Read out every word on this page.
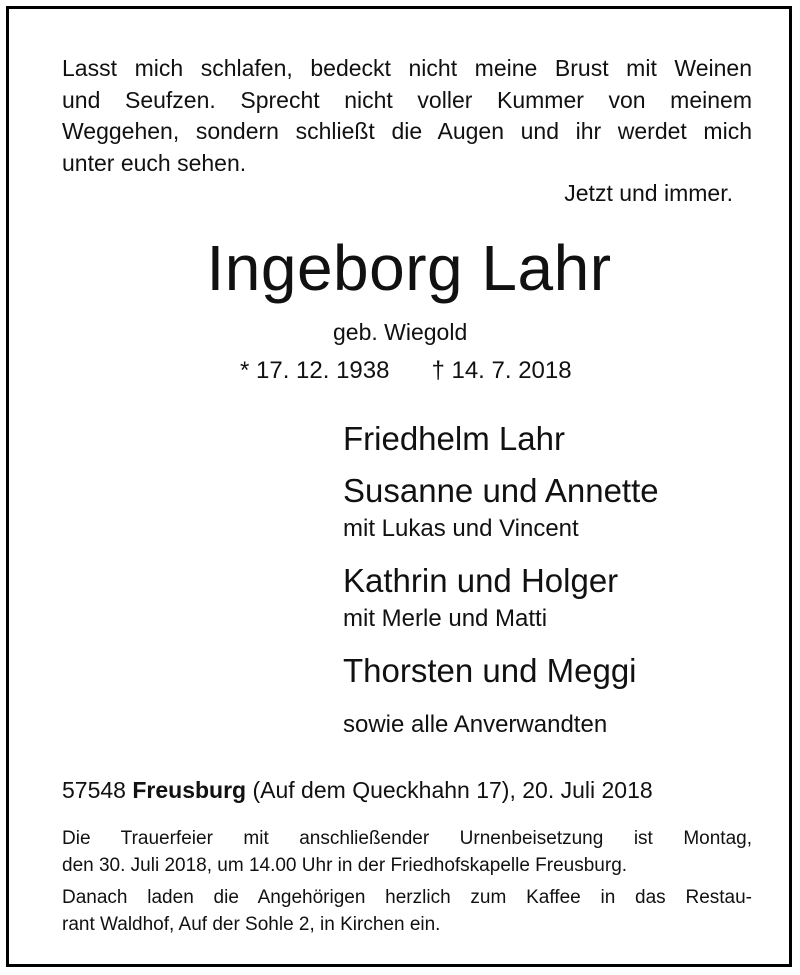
Lasst mich schlafen, bedeckt nicht meine Brust mit Weinen
und Seufzen. Sprecht nicht voller Kummer von meinem
Weggehen, sondern schließt die Augen und ihr werdet mich
unter euch sehen.
Jetzt und immer.
Ingeborg Lahr
geb. Wiegold
* 17. 12. 1938 † 14. 7. 2018
Friedhelm Lahr
Susanne und Annette
mit Lukas und Vincent
Kathrin und Holger
mit Merle und Matti
Thorsten und Meggi
sowie alle Anverwandten
57548 Freusburg (Auf dem Queckhahn 17), 20. Juli 2018
Die Trauerfeier mit anschließender Urnenbeisetzung ist Montag,
den 30. Juli 2018, um 14.00 Uhr in der Friedhofskapelle Freusburg.
Danach laden die Angehörigen herzlich zum Kaffee in das Restau-
rant Waldhof, Auf der Sohle 2, in Kirchen ein.
